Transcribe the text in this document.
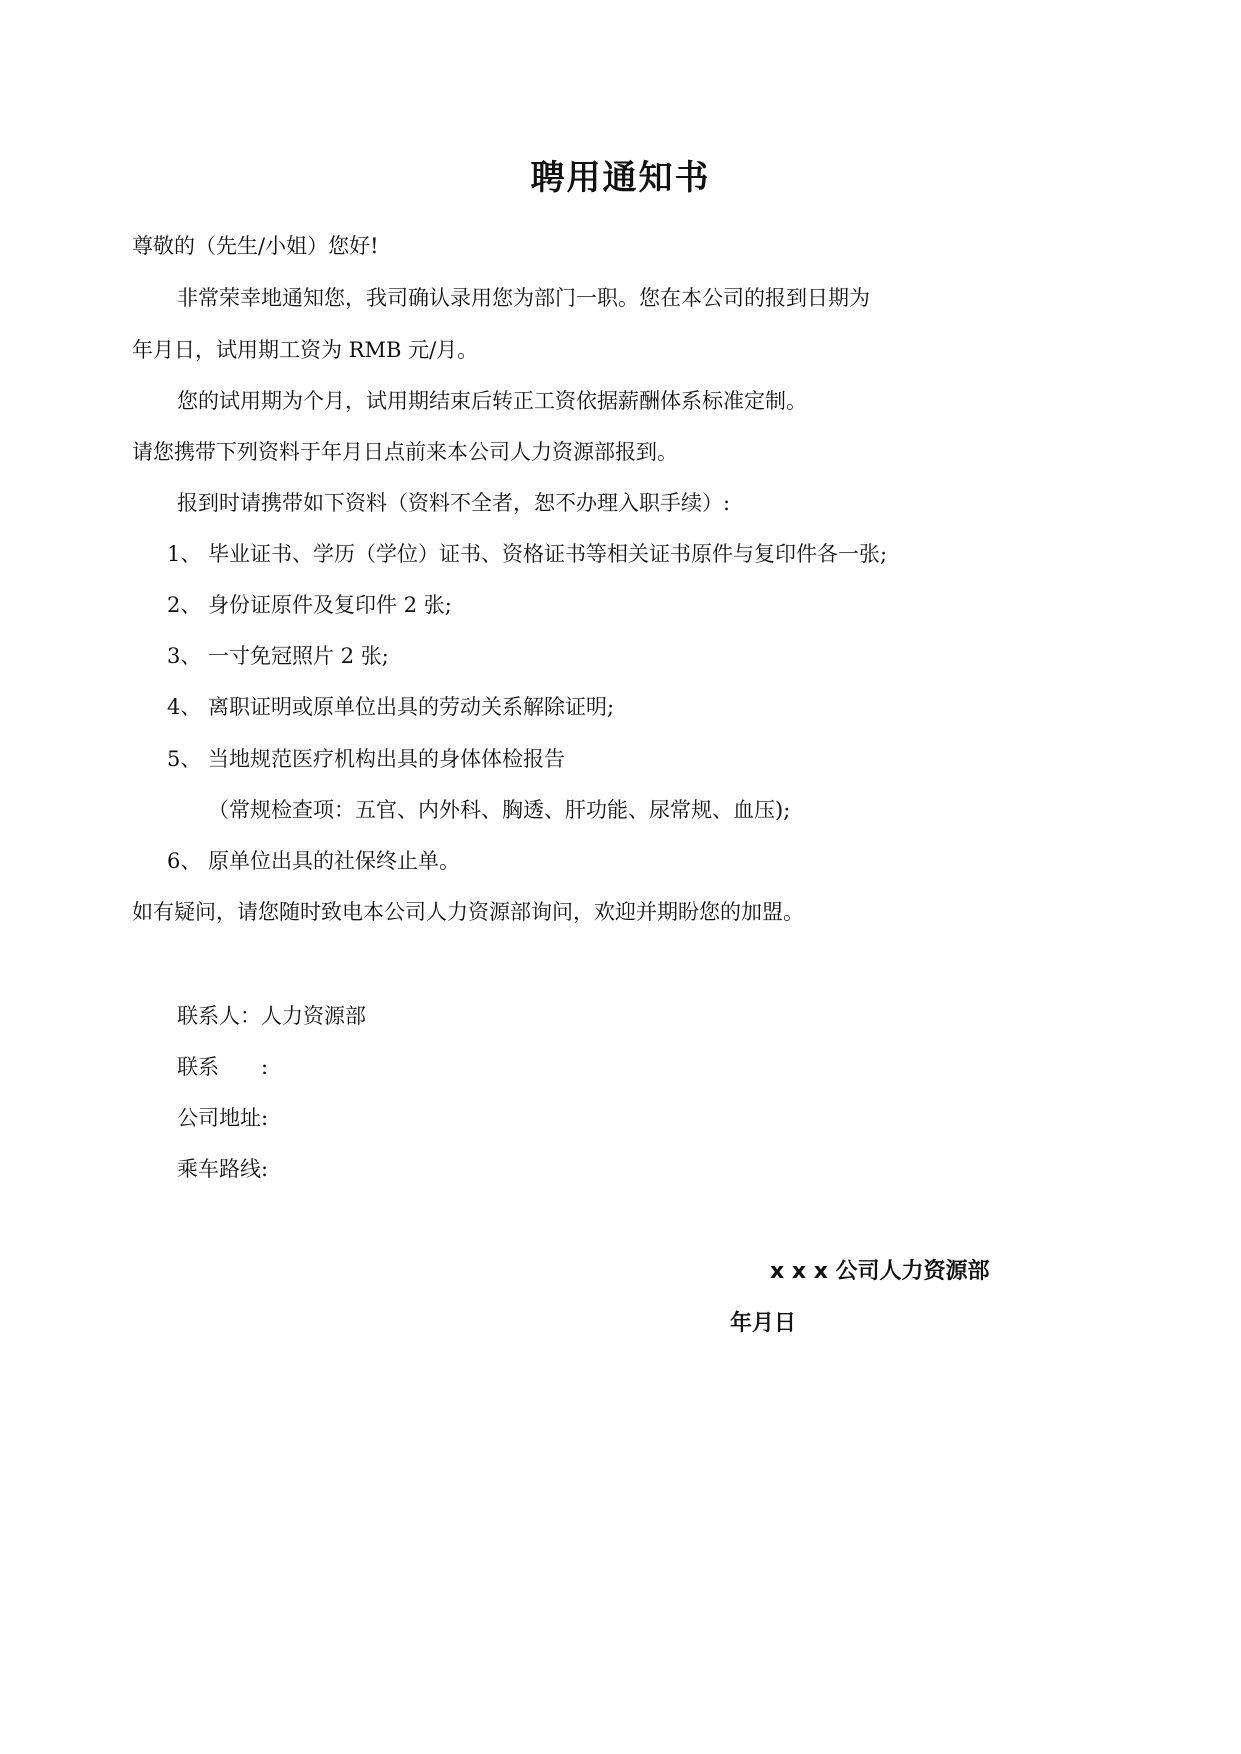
聘用通知书
尊敬的（先生/小姐）您好!
非常荣幸地通知您，我司确认录用您为部门一职。您在本公司的报到日期为
年月日，试用期工资为 RMB 元/月。
您的试用期为个月，试用期结束后转正工资依据薪酬体系标准定制。
请您携带下列资料于年月日点前来本公司人力资源部报到。
报到时请携带如下资料（资料不全者，恕不办理入职手续）:
1、 毕业证书、学历（学位）证书、资格证书等相关证书原件与复印件各一张;
2、 身份证原件及复印件 2 张;
3、 一寸免冠照片 2 张;
4、 离职证明或原单位出具的劳动关系解除证明;
5、 当地规范医疗机构出具的身体体检报告
（常规检查项：五官、内外科、胸透、肝功能、尿常规、血压);
6、 原单位出具的社保终止单。
如有疑问，请您随时致电本公司人力资源部询问，欢迎并期盼您的加盟。
联系人：人力资源部
联系　　:
公司地址:
乘车路线:
x x x 公司人力资源部
年月日
